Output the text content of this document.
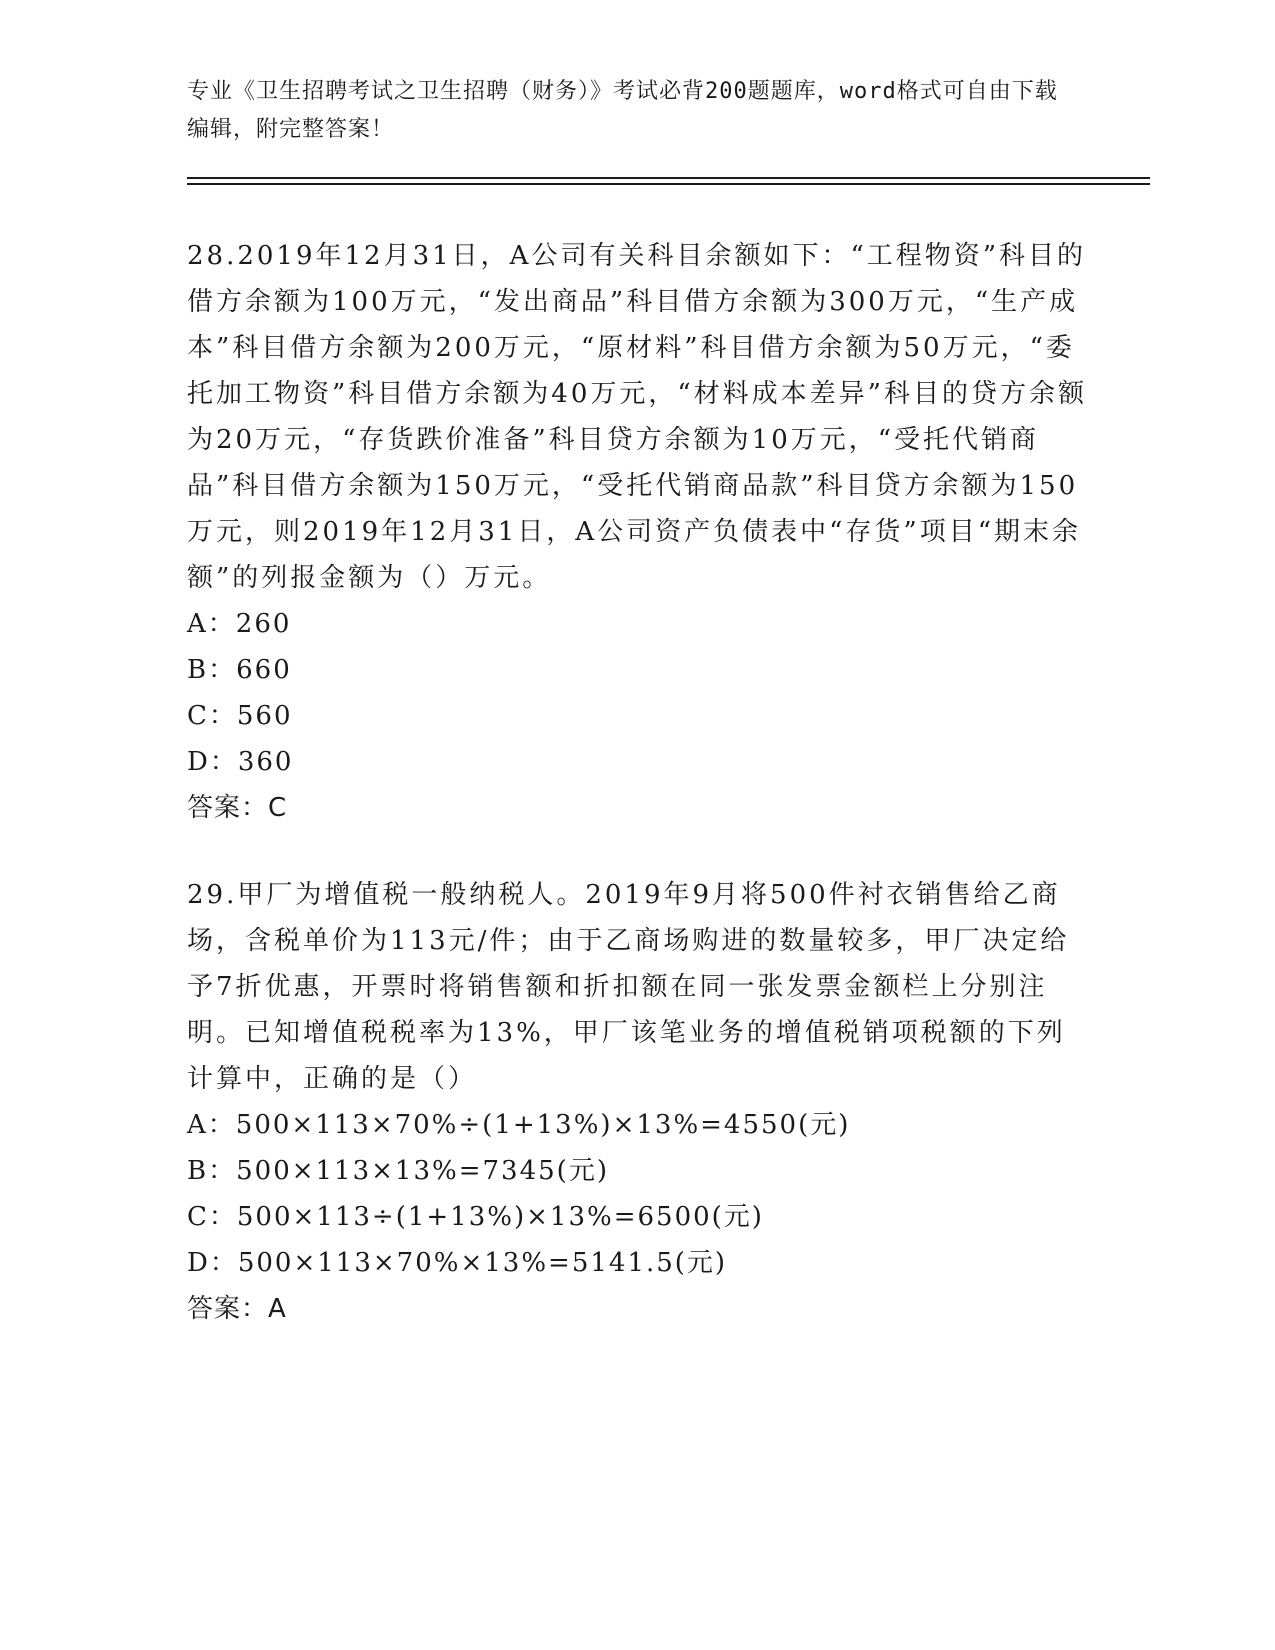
专业《卫生招聘考试之卫生招聘（财务）》考试必背200题题库，word格式可自由下载编辑，附完整答案！

28.2019年12月31日，A公司有关科目余额如下：“工程物资”科目的借方余额为100万元，“发出商品”科目借方余额为300万元，“生产成本”科目借方余额为200万元，“原材料”科目借方余额为50万元，“委托加工物资”科目借方余额为40万元，“材料成本差异”科目的贷方余额为20万元，“存货跌价准备”科目贷方余额为10万元，“受托代销商品”科目借方余额为150万元，“受托代销商品款”科目贷方余额为150万元，则2019年12月31日，A公司资产负债表中“存货”项目“期末余额”的列报金额为（）万元。

A：260
B：660
C：560
D：360
答案：C

29.甲厂为增值税一般纳税人。2019年9月将500件衬衣销售给乙商场，含税单价为113元/件；由于乙商场购进的数量较多，甲厂决定给予7折优惠，开票时将销售额和折扣额在同一张发票金额栏上分别注明。已知增值税税率为13%，甲厂该笔业务的增值税销项税额的下列计算中，正确的是（）

A：500×113×70%÷(1+13%)×13%=4550(元)
B：500×113×13%=7345(元)
C：500×113÷(1+13%)×13%=6500(元)
D：500×113×70%×13%=5141.5(元)
答案：A
